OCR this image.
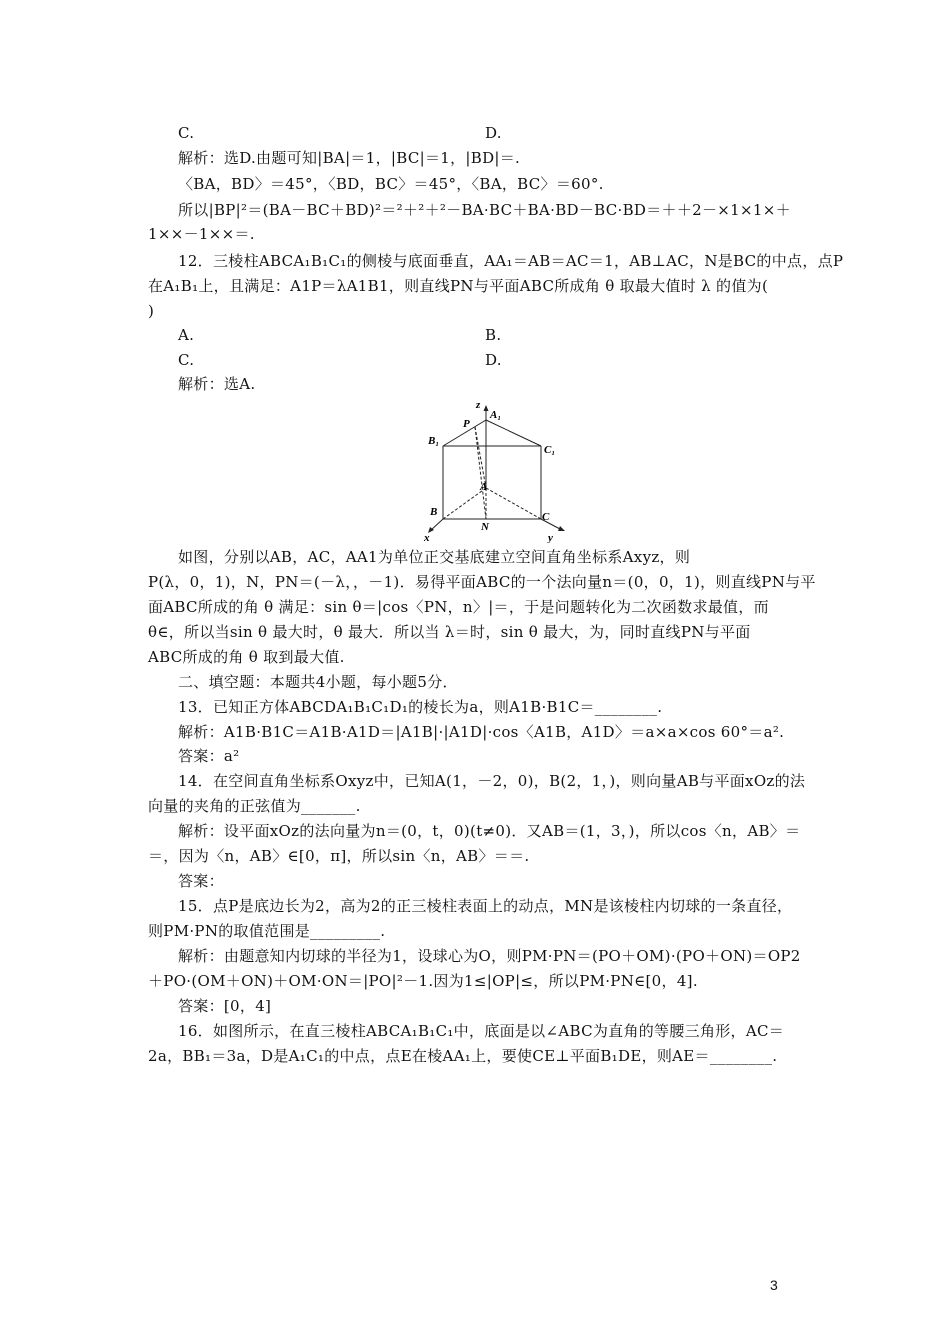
C.	D.
解析：选D.由题可知|BA|＝1，|BC|＝1，|BD|＝.
〈BA，BD〉＝45°，〈BD，BC〉＝45°，〈BA，BC〉＝60°.
所以|BP|²＝(BA－BC＋BD)²＝²＋²＋²－BA·BC＋BA·BD－BC·BD＝＋＋2－×1×1×＋
1××－1××＝.
12．三棱柱ABCA₁B₁C₁的侧棱与底面垂直，AA₁＝AB＝AC＝1，AB⊥AC，N是BC的中点，点P
在A₁B₁上，且满足：A1P＝λA1B1，则直线PN与平面ABC所成角 θ 取最大值时 λ 的值为(
)
A.	B.
C.	D.
解析：选A.
z
A₁
P
B₁
C₁
A
B	C
N
x	y
如图，分别以AB，AC，AA1为单位正交基底建立空间直角坐标系Axyz，则
P(λ，0，1)，N，PN＝(－λ，，－1)．易得平面ABC的一个法向量n＝(0，0，1)，则直线PN与平
面ABC所成的角 θ 满足：sin θ＝|cos〈PN，n〉|＝，于是问题转化为二次函数求最值，而
θ∈，所以当sin θ 最大时，θ 最大．所以当 λ＝时，sin θ 最大，为，同时直线PN与平面
ABC所成的角 θ 取到最大值.
二、填空题：本题共4小题，每小题5分．
13．已知正方体ABCDA₁B₁C₁D₁的棱长为a，则A1B·B1C＝________.
解析：A1B·B1C＝A1B·A1D＝|A1B|·|A1D|·cos〈A1B，A1D〉＝a×a×cos 60°＝a².
答案：a²
14．在空间直角坐标系Oxyz中，已知A(1，－2，0)，B(2，1，)，则向量AB与平面xOz的法
向量的夹角的正弦值为_______.
解析：设平面xOz的法向量为n＝(0，t，0)(t≠0)．又AB＝(1，3，)，所以cos〈n，AB〉＝
＝，因为〈n，AB〉∈[0，π]，所以sin〈n，AB〉＝＝.
答案：
15．点P是底边长为2，高为2的正三棱柱表面上的动点，MN是该棱柱内切球的一条直径，
则PM·PN的取值范围是_________.
解析：由题意知内切球的半径为1，设球心为O，则PM·PN＝(PO＋OM)·(PO＋ON)＝OP2
＋PO·(OM＋ON)＋OM·ON＝|PO|²－1.因为1≤|OP|≤，所以PM·PN∈[0，4].
答案：[0，4]
16．如图所示，在直三棱柱ABCA₁B₁C₁中，底面是以∠ABC为直角的等腰三角形，AC＝
2a，BB₁＝3a，D是A₁C₁的中点，点E在棱AA₁上，要使CE⊥平面B₁DE，则AE＝________.
3
